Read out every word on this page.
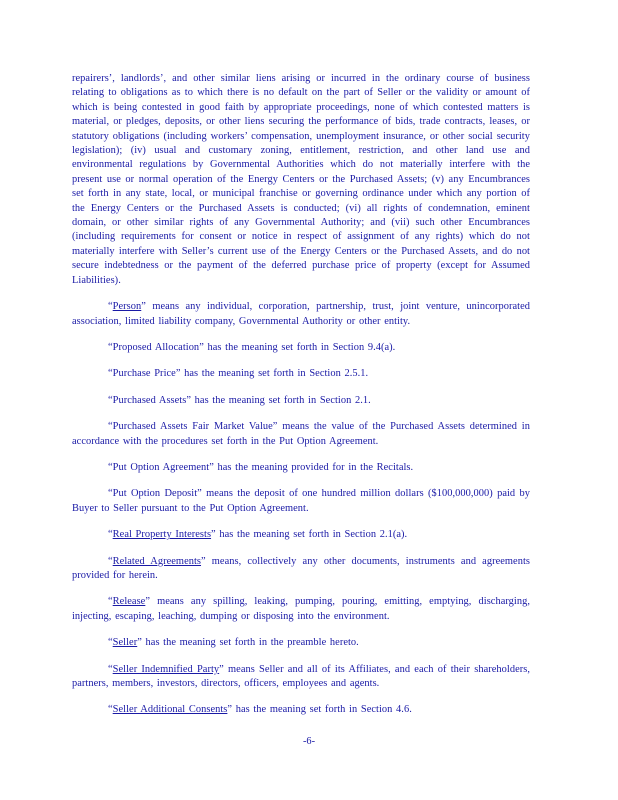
repairers’, landlords’, and other similar liens arising or incurred in the ordinary course of business relating to obligations as to which there is no default on the part of Seller or the validity or amount of which is being contested in good faith by appropriate proceedings, none of which contested matters is material, or pledges, deposits, or other liens securing the performance of bids, trade contracts, leases, or statutory obligations (including workers’ compensation, unemployment insurance, or other social security legislation); (iv) usual and customary zoning, entitlement, restriction, and other land use and environmental regulations by Governmental Authorities which do not materially interfere with the present use or normal operation of the Energy Centers or the Purchased Assets; (v) any Encumbrances set forth in any state, local, or municipal franchise or governing ordinance under which any portion of the Energy Centers or the Purchased Assets is conducted; (vi) all rights of condemnation, eminent domain, or other similar rights of any Governmental Authority; and (vii) such other Encumbrances (including requirements for consent or notice in respect of assignment of any rights) which do not materially interfere with Seller’s current use of the Energy Centers or the Purchased Assets, and do not secure indebtedness or the payment of the deferred purchase price of property (except for Assumed Liabilities).

“Person” means any individual, corporation, partnership, trust, joint venture, unincorporated association, limited liability company, Governmental Authority or other entity.

“Proposed Allocation” has the meaning set forth in Section 9.4(a).

“Purchase Price” has the meaning set forth in Section 2.5.1.

“Purchased Assets” has the meaning set forth in Section 2.1.

“Purchased Assets Fair Market Value” means the value of the Purchased Assets determined in accordance with the procedures set forth in the Put Option Agreement.

“Put Option Agreement” has the meaning provided for in the Recitals.

“Put Option Deposit” means the deposit of one hundred million dollars ($100,000,000) paid by Buyer to Seller pursuant to the Put Option Agreement.

“Real Property Interests” has the meaning set forth in Section 2.1(a).

“Related Agreements” means, collectively any other documents, instruments and agreements provided for herein.

“Release” means any spilling, leaking, pumping, pouring, emitting, emptying, discharging, injecting, escaping, leaching, dumping or disposing into the environment.

“Seller” has the meaning set forth in the preamble hereto.

“Seller Indemnified Party” means Seller and all of its Affiliates, and each of their shareholders, partners, members, investors, directors, officers, employees and agents.

“Seller Additional Consents” has the meaning set forth in Section 4.6.

-6-
